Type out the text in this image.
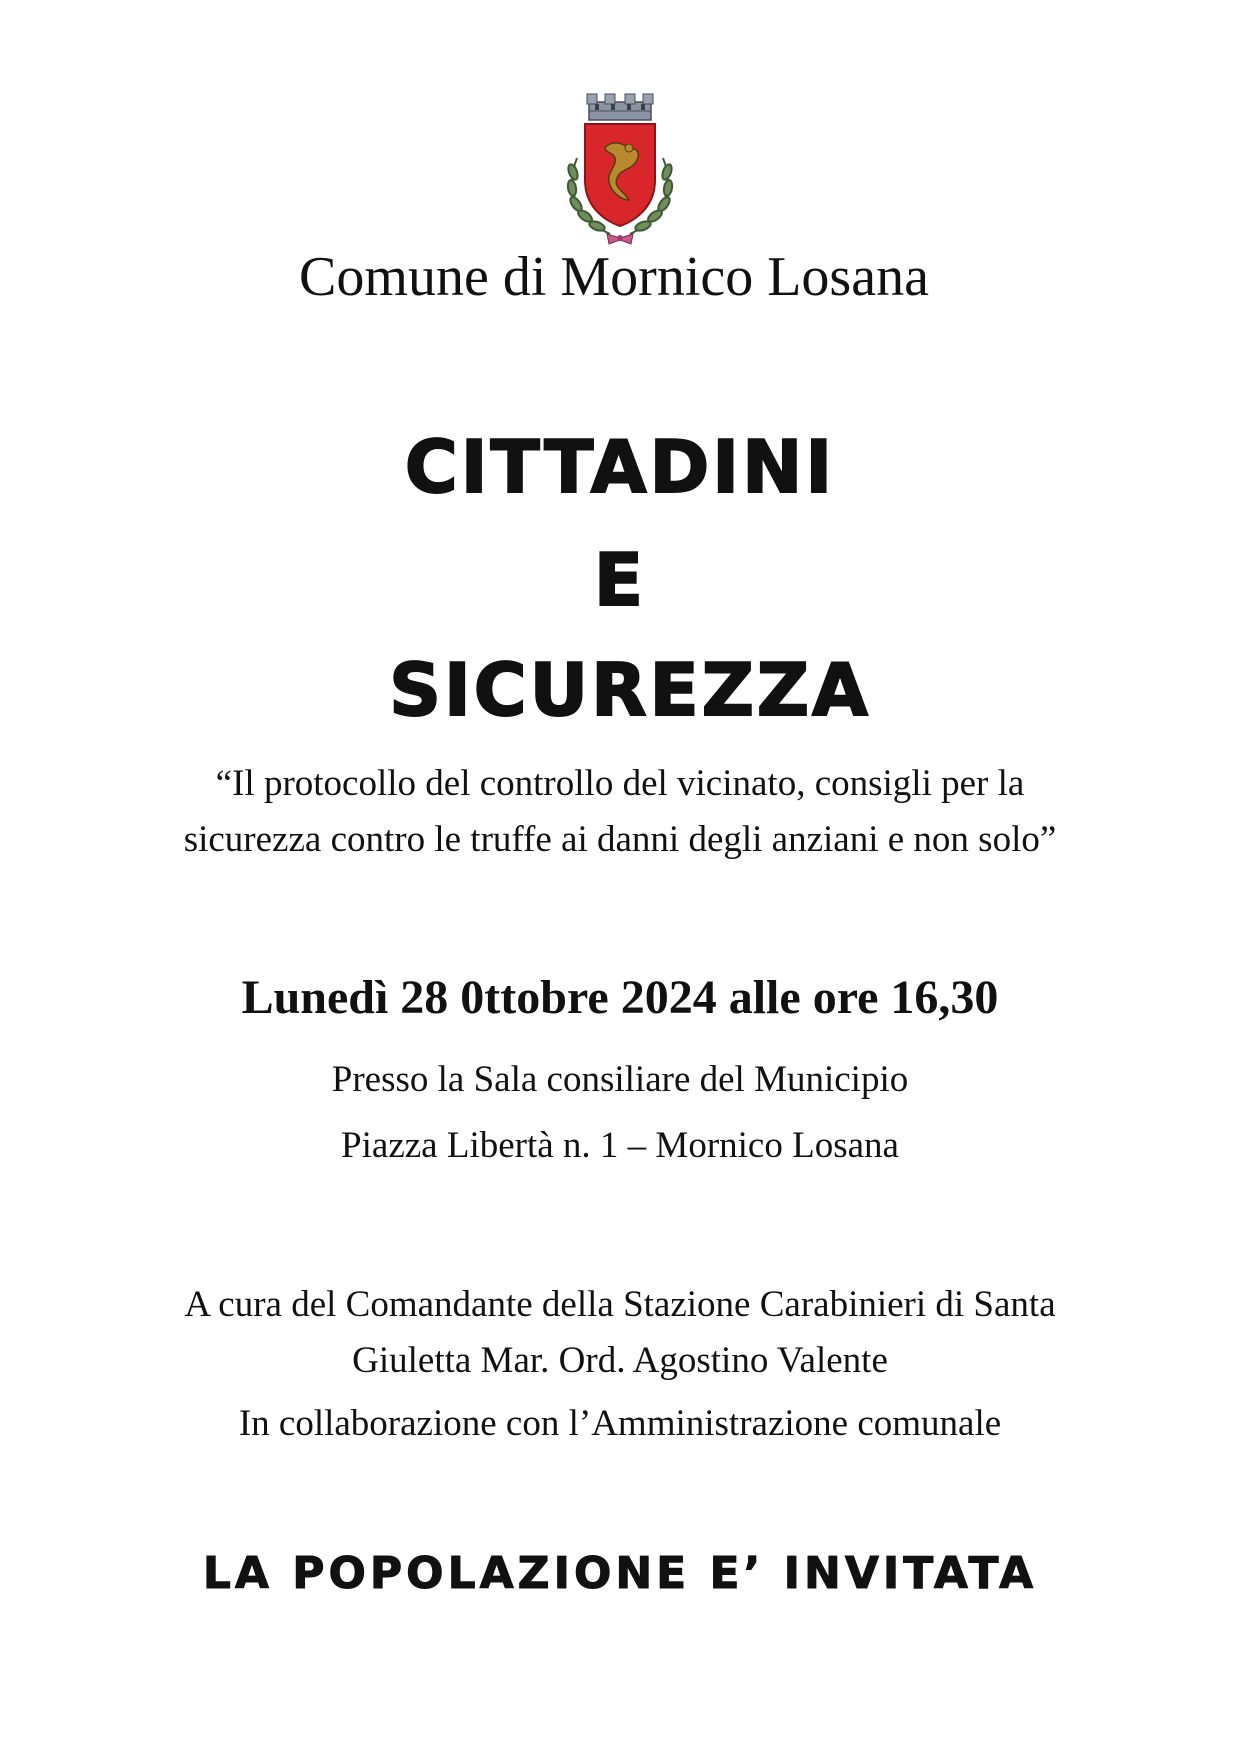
Comune di Mornico Losana
CITTADINI
E
SICUREZZA
“Il protocollo del controllo del vicinato, consigli per la
sicurezza contro le truffe ai danni degli anziani e non solo”
Lunedì 28 0ttobre 2024 alle ore 16,30
Presso la Sala consiliare del Municipio
Piazza Libertà n. 1 – Mornico Losana
A cura del Comandante della Stazione Carabinieri di Santa
Giuletta Mar. Ord. Agostino Valente
In collaborazione con l’Amministrazione comunale
LA POPOLAZIONE E’ INVITATA
